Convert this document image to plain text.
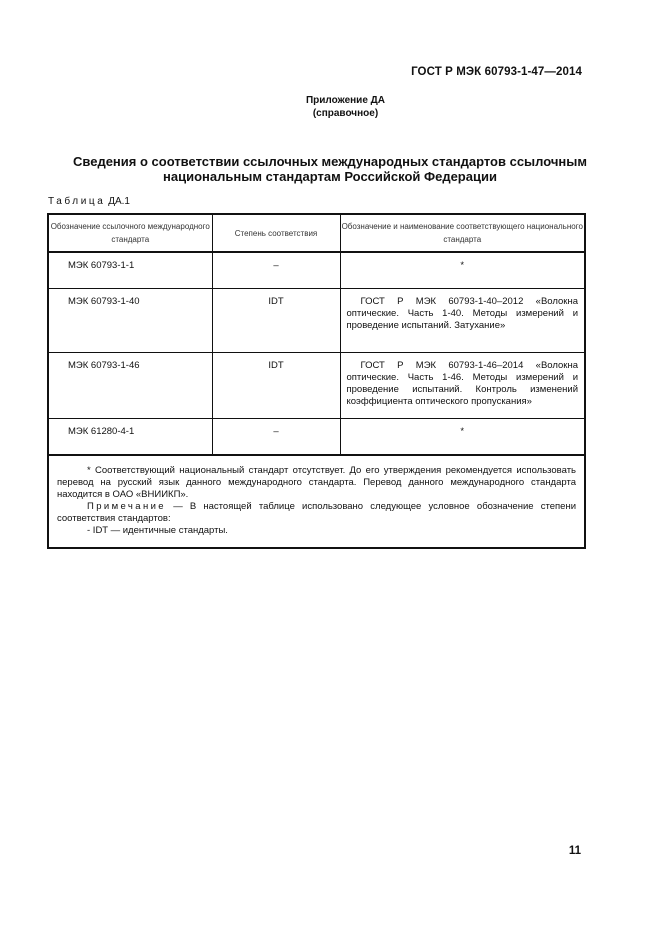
ГОСТ Р МЭК 60793-1-47—2014
Приложение ДА
(справочное)
Сведения о соответствии ссылочных международных стандартов ссылочным
национальным стандартам Российской Федерации
Таблица ДА.1
Обозначение ссылочного международного стандарта	Степень соответствия	Обозначение и наименование соответствующего национального стандарта
МЭК 60793-1-1	–	*
МЭК 60793-1-40	IDT	ГОСТ Р МЭК 60793-1-40–2012 «Волокна оптические. Часть 1-40. Методы измерений и проведение испытаний. Затухание»
МЭК 60793-1-46	IDT	ГОСТ Р МЭК 60793-1-46–2014 «Волокна оптические. Часть 1-46. Методы измерений и проведение испытаний. Контроль изменений коэффициента оптического пропускания»
МЭК 61280-4-1	–	*

* Соответствующий национальный стандарт отсутствует. До его утверждения рекомендуется использовать перевод на русский язык данного международного стандарта. Перевод данного международного стандарта находится в ОАО «ВНИИКП».

Примечание — В настоящей таблице использовано следующее условное обозначение степени соответствия стандартов:

- IDT — идентичные стандарты.		

11
